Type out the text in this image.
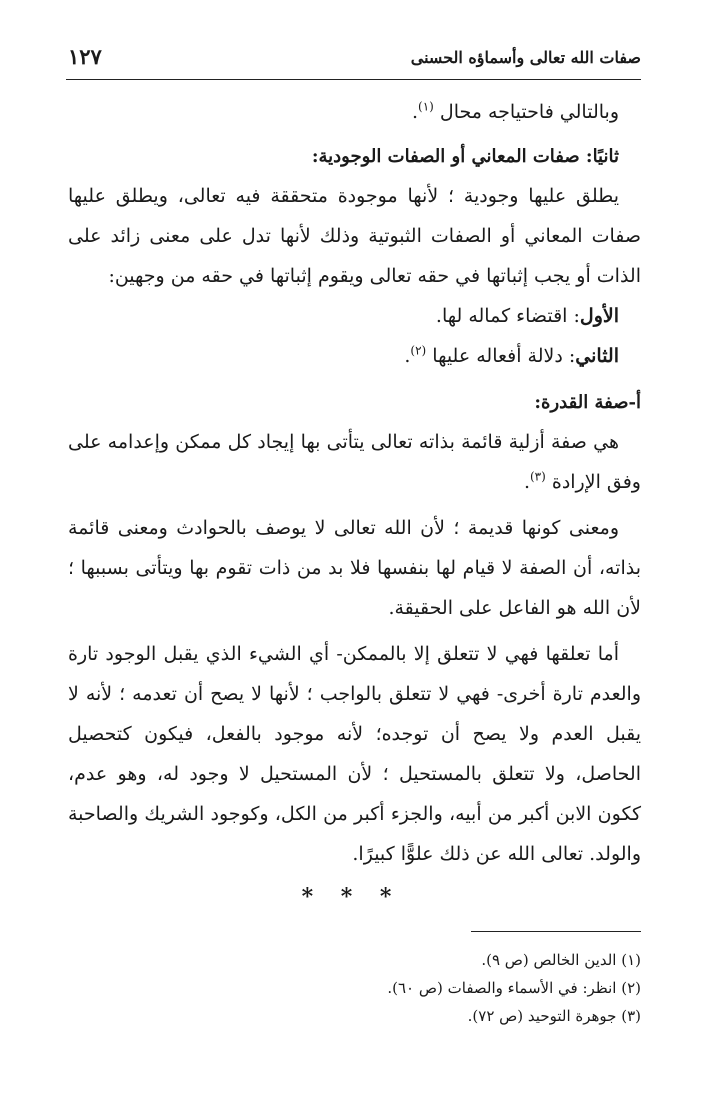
صفات الله تعالى وأسماؤه الحسنى
١٢٧

وبالتالي فاحتياجه محال $^{(١)}$.

ثانيًا: صفات المعاني أو الصفات الوجودية:

يطلق عليها وجودية ؛ لأنها موجودة متحققة فيه تعالى، ويطلق عليها صفات المعاني أو الصفات الثبوتية وذلك لأنها تدل على معنى زائد على الذات أو يجب إثباتها في حقه تعالى ويقوم إثباتها في حقه من وجهين:

الأول: اقتضاء كماله لها.

الثاني: دلالة أفعاله عليها $^{(٢)}$.

أ-صفة القدرة:

هي صفة أزلية قائمة بذاته تعالى يتأتى بها إيجاد كل ممكن وإعدامه على وفق الإرادة $^{(٣)}$.

ومعنى كونها قديمة ؛ لأن الله تعالى لا يوصف بالحوادث ومعنى قائمة بذاته، أن الصفة لا قيام لها بنفسها فلا بد من ذات تقوم بها ويتأتى بسببها ؛ لأن الله هو الفاعل على الحقيقة.

أما تعلقها فهي لا تتعلق إلا بالممكن- أي الشيء الذي يقبل الوجود تارة والعدم تارة أخرى- فهي لا تتعلق بالواجب ؛ لأنها لا يصح أن تعدمه ؛ لأنه لا يقبل العدم ولا يصح أن توجده؛ لأنه موجود بالفعل، فيكون كتحصيل الحاصل، ولا تتعلق بالمستحيل ؛ لأن المستحيل لا وجود له، وهو عدم، ككون الابن أكبر من أبيه، والجزء أكبر من الكل، وكوجود الشريك والصاحبة والولد. تعالى الله عن ذلك علوًّا كبيرًا.

* * *

(١) الدين الخالص (ص ٩).

(٢) انظر: في الأسماء والصفات (ص ٦٠).

(٣) جوهرة التوحيد (ص ٧٢).
